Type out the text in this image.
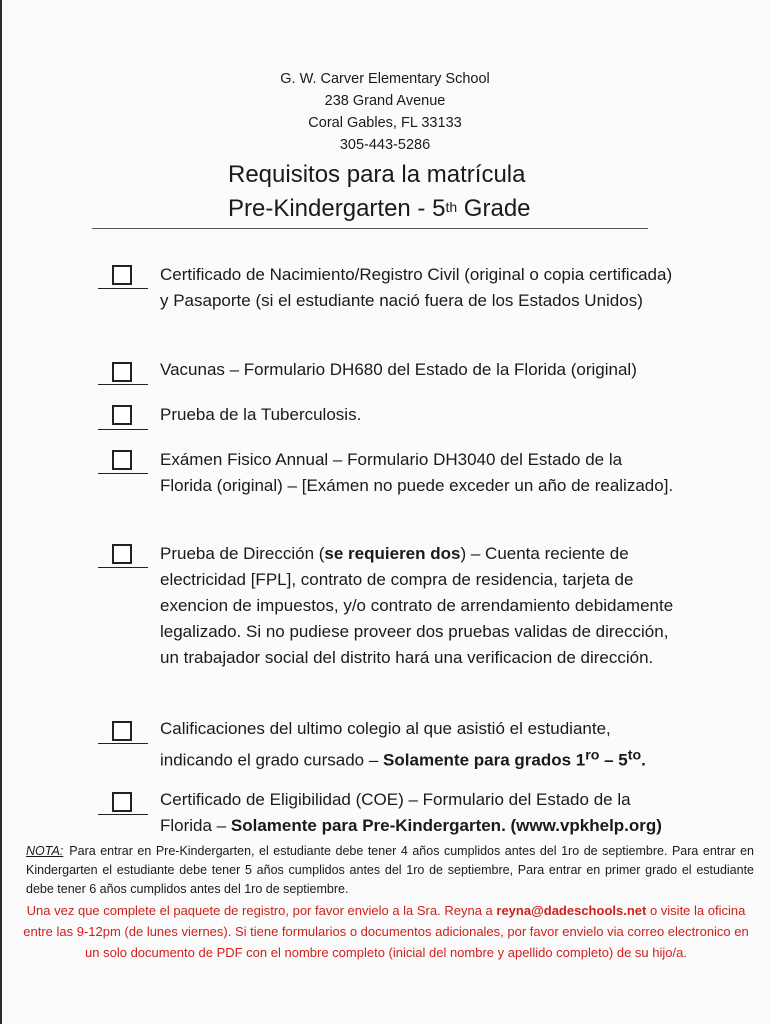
G. W. Carver Elementary School
238 Grand Avenue
Coral Gables, FL 33133
305-443-5286
Requisitos para la matrícula
Pre-Kindergarten - 5th Grade
Certificado de Nacimiento/Registro Civil (original o copia certificada) y Pasaporte (si el estudiante nació fuera de los Estados Unidos)
Vacunas – Formulario DH680 del Estado de la Florida (original)
Prueba de la Tuberculosis.
Exámen Fisico Annual – Formulario DH3040 del Estado de la Florida (original) – [Exámen no puede exceder un año de realizado].
Prueba de Dirección (se requieren dos) – Cuenta reciente de electricidad [FPL], contrato de compra de residencia, tarjeta de exencion de impuestos, y/o contrato de arrendamiento debidamente legalizado. Si no pudiese proveer dos pruebas validas de dirección, un trabajador social del distrito hará una verificacion de dirección.
Calificaciones del ultimo colegio al que asistió el estudiante, indicando el grado cursado – Solamente para grados $1^{ro} - 5^{to}$.
Certificado de Eligibilidad (COE) – Formulario del Estado de la Florida – Solamente para Pre-Kindergarten. (www.vpkhelp.org)
NOTA: Para entrar en Pre-Kindergarten, el estudiante debe tener 4 años cumplidos antes del 1ro de septiembre. Para entrar en Kindergarten el estudiante debe tener 5 años cumplidos antes del 1ro de septiembre, Para entrar en primer grado el estudiante debe tener 6 años cumplidos antes del 1ro de septiembre.
Una vez que complete el paquete de registro, por favor envielo a la Sra. Reyna a reyna@dadeschools.net o visite la oficina entre las 9-12pm (de lunes viernes). Si tiene formularios o documentos adicionales, por favor envielo via correo electronico en un solo documento de PDF con el nombre completo (inicial del nombre y apellido completo) de su hijo/a.
